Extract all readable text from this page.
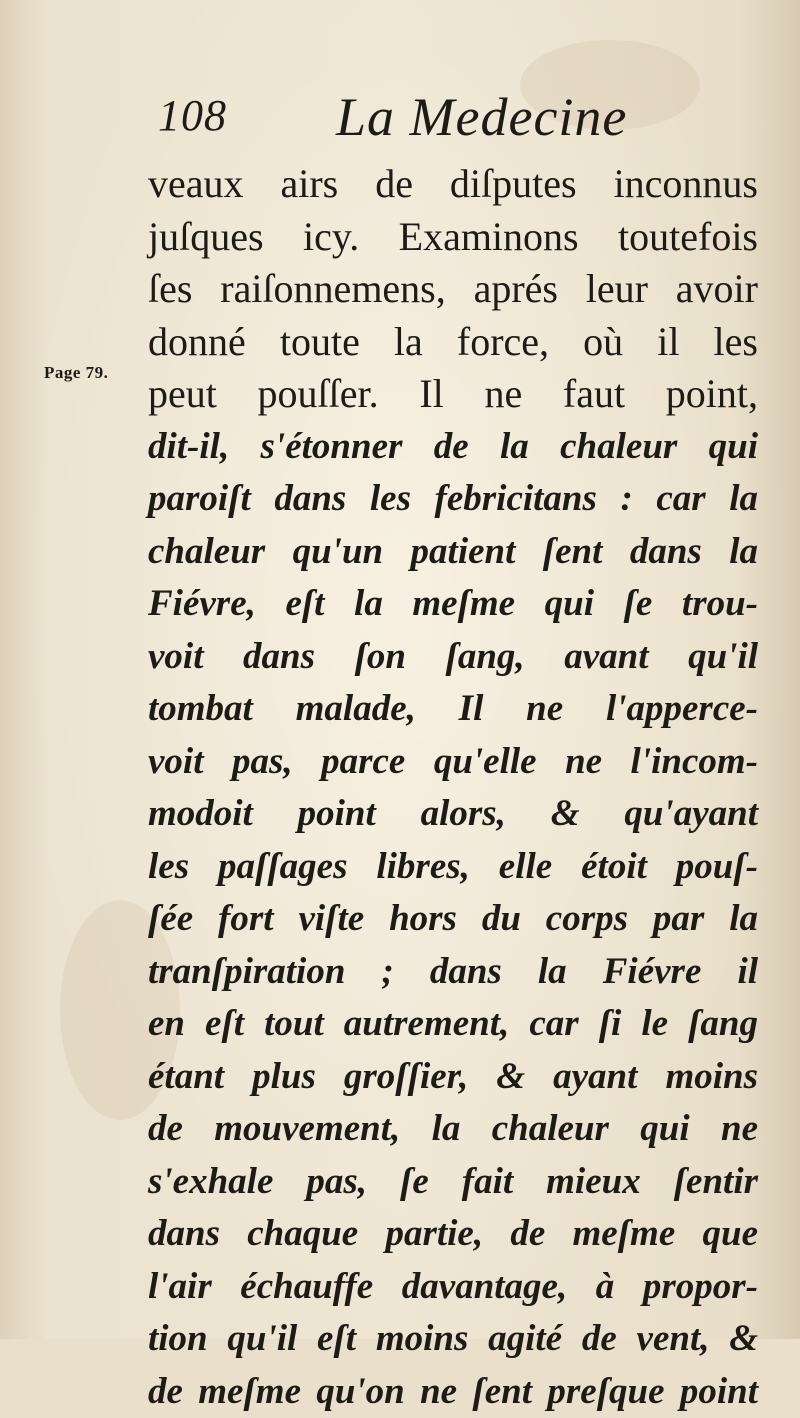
108 La Medecine
Page 79.
veaux airs de diſputes inconnus
juſques icy. Examinons toutefois
ſes raiſonnemens, aprés leur avoir
donné toute la force, où il les
peut pouſſer. Il ne faut point,
dit-il, s'étonner de la chaleur qui
paroiſt dans les febricitans : car la
chaleur qu'un patient ſent dans la
Fiévre, eſt la meſme qui ſe trou-
voit dans ſon ſang, avant qu'il
tombat malade, Il ne l'apperce-
voit pas, parce qu'elle ne l'incom-
modoit point alors, & qu'ayant
les paſſages libres, elle étoit pouſ-
ſée fort viſte hors du corps par la
tranſpiration ; dans la Fiévre il
en eſt tout autrement, car ſi le ſang
étant plus groſſier, & ayant moins
de mouvement, la chaleur qui ne
s'exhale pas, ſe fait mieux ſentir
dans chaque partie, de meſme que
l'air échauffe davantage, à propor-
tion qu'il eſt moins agité de vent, &
de meſme qu'on ne ſent preſque point
